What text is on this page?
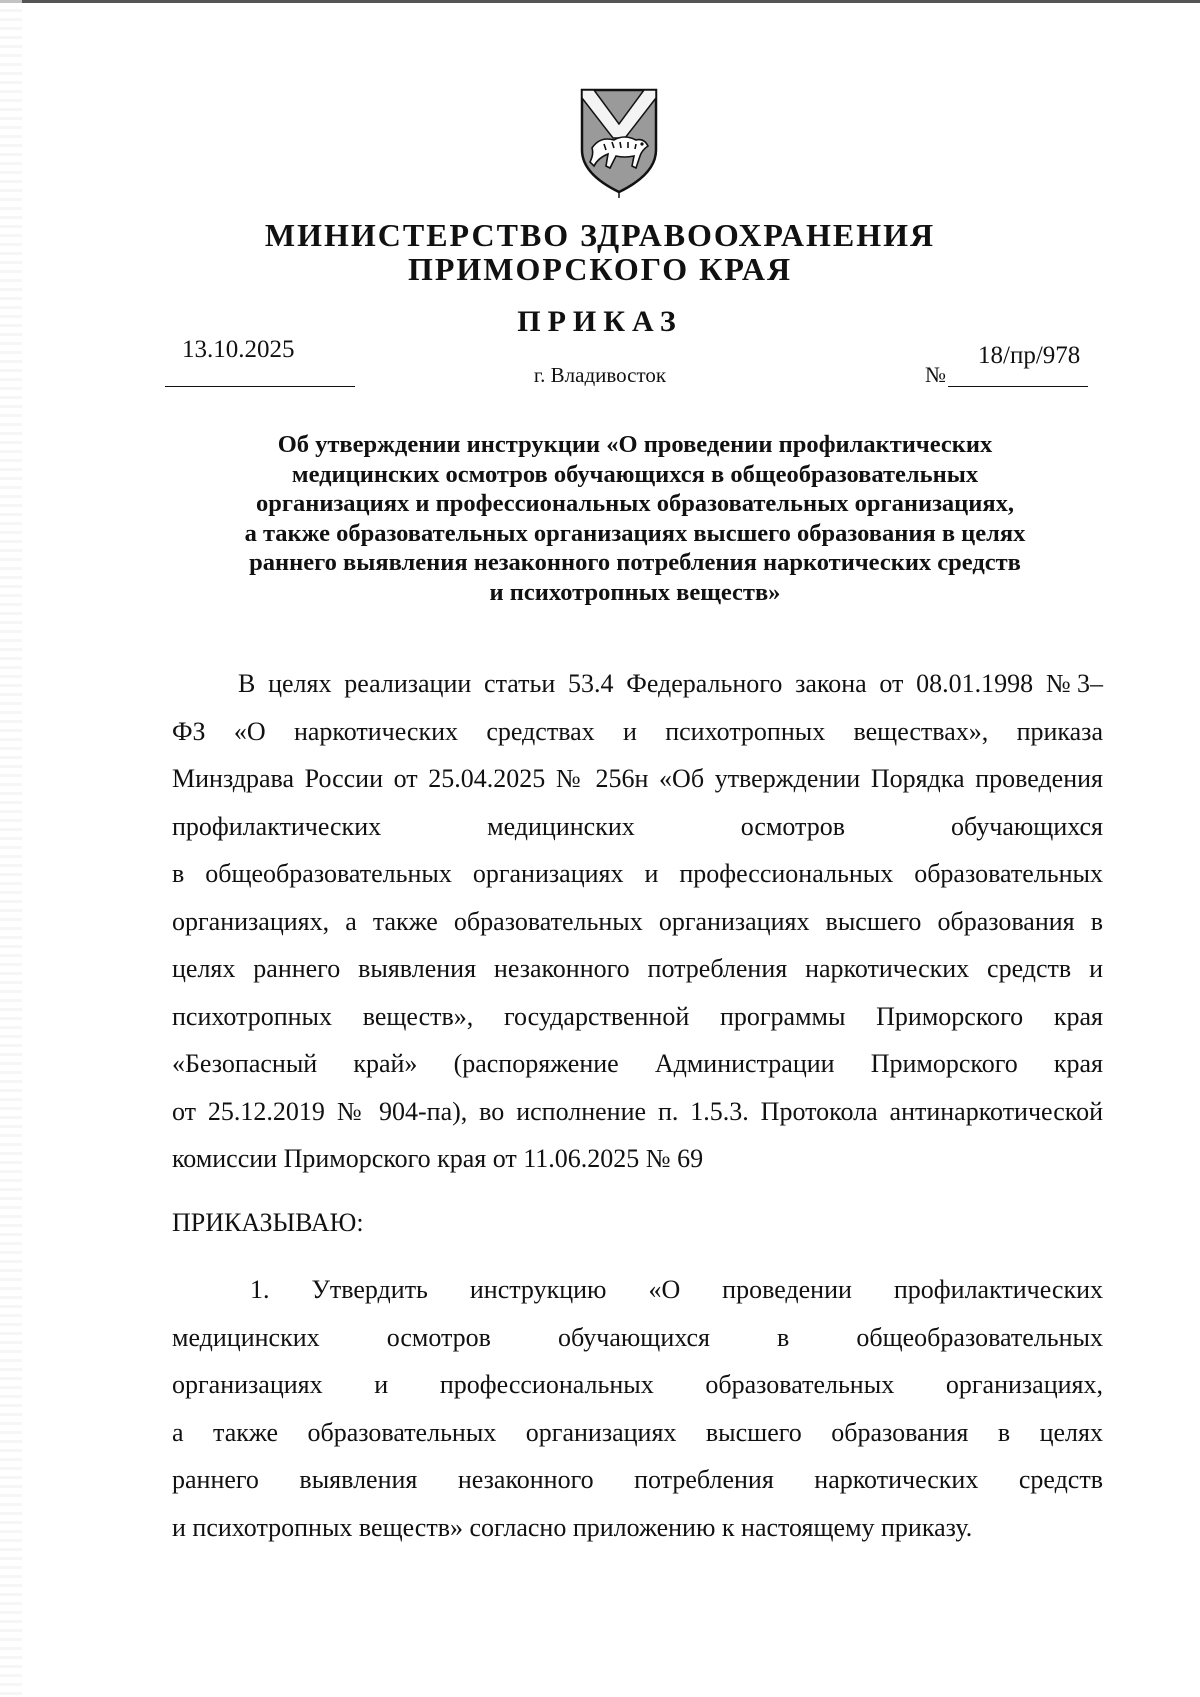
МИНИСТЕРСТВО ЗДРАВООХРАНЕНИЯ
ПРИМОРСКОГО КРАЯ
ПРИКАЗ
13.10.2025
г. Владивосток	№
18/пр/978
Об утверждении инструкции «О проведении профилактических
медицинских осмотров обучающихся в общеобразовательных
организациях и профессиональных образовательных организациях,
а также образовательных организациях высшего образования в целях
раннего выявления незаконного потребления наркотических средств
и психотропных веществ»
В целях реализации статьи 53.4 Федерального закона от 08.01.1998 №3–
ФЗ «О наркотических средствах и психотропных веществах», приказа
Минздрава России от 25.04.2025 № 256н «Об утверждении Порядка проведения
профилактических медицинских осмотров обучающихся
в общеобразовательных организациях и профессиональных образовательных
организациях, а также образовательных организациях высшего образования в
целях раннего выявления незаконного потребления наркотических средств и
психотропных веществ», государственной программы Приморского края
«Безопасный край» (распоряжение Администрации Приморского края
от 25.12.2019 № 904-па), во исполнение п. 1.5.3. Протокола антинаркотической
комиссии Приморского края от 11.06.2025 № 69
ПРИКАЗЫВАЮ:
1. Утвердить инструкцию «О проведении профилактических
медицинских осмотров обучающихся в общеобразовательных
организациях и профессиональных образовательных организациях,
а также образовательных организациях высшего образования в целях
раннего выявления незаконного потребления наркотических средств
и психотропных веществ» согласно приложению к настоящему приказу.
